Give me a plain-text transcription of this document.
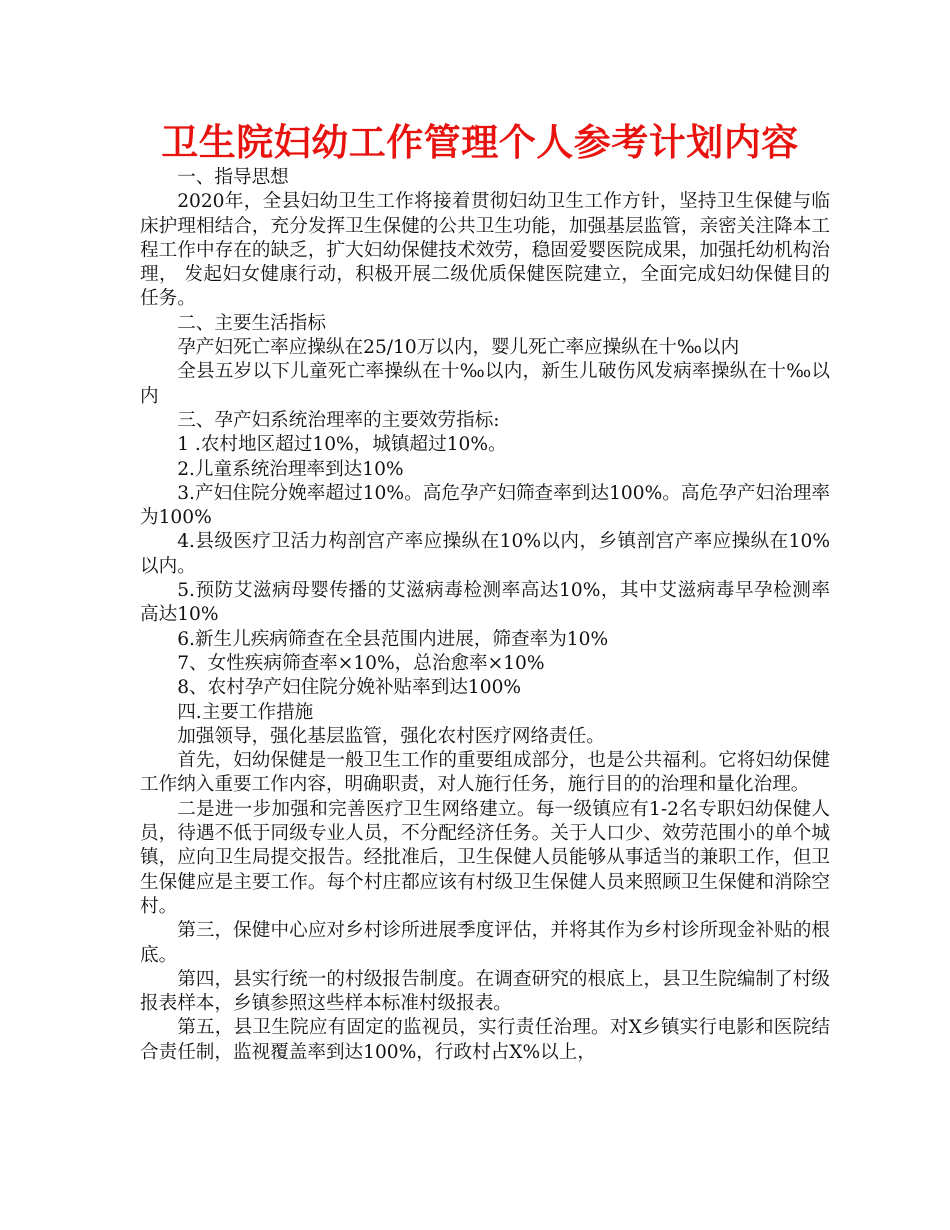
卫生院妇幼工作管理个人参考计划内容

一、指导思想

2020年，全县妇幼卫生工作将接着贯彻妇幼卫生工作方针，坚持卫生保健与临床护理相结合，充分发挥卫生保健的公共卫生功能，加强基层监管，亲密关注降本工程工作中存在的缺乏，扩大妇幼保健技术效劳，稳固爱婴医院成果，加强托幼机构治理， 发起妇女健康行动，积极开展二级优质保健医院建立，全面完成妇幼保健目的任务。

二、主要生活指标

孕产妇死亡率应操纵在25/10万以内，婴儿死亡率应操纵在十‰以内

全县五岁以下儿童死亡率操纵在十‰以内，新生儿破伤风发病率操纵在十‰以内

三、孕产妇系统治理率的主要效劳指标:

1 .农村地区超过10%，城镇超过10%。

2.儿童系统治理率到达10%

3.产妇住院分娩率超过10%。高危孕产妇筛查率到达100%。高危孕产妇治理率为100%

4.县级医疗卫活力构剖宫产率应操纵在10%以内，乡镇剖宫产率应操纵在10%以内。

5.预防艾滋病母婴传播的艾滋病毒检测率高达10%，其中艾滋病毒早孕检测率高达10%

6.新生儿疾病筛查在全县范围内进展，筛查率为10%

7、女性疾病筛查率×10%，总治愈率×10%

8、农村孕产妇住院分娩补贴率到达100%

四.主要工作措施

加强领导，强化基层监管，强化农村医疗网络责任。

首先，妇幼保健是一般卫生工作的重要组成部分，也是公共福利。它将妇幼保健工作纳入重要工作内容，明确职责，对人施行任务，施行目的的治理和量化治理。

二是进一步加强和完善医疗卫生网络建立。每一级镇应有1-2名专职妇幼保健人员，待遇不低于同级专业人员，不分配经济任务。关于人口少、效劳范围小的单个城镇，应向卫生局提交报告。经批准后，卫生保健人员能够从事适当的兼职工作，但卫生保健应是主要工作。每个村庄都应该有村级卫生保健人员来照顾卫生保健和消除空村。

第三，保健中心应对乡村诊所进展季度评估，并将其作为乡村诊所现金补贴的根底。

第四，县实行统一的村级报告制度。在调查研究的根底上，县卫生院编制了村级报表样本，乡镇参照这些样本标准村级报表。

第五，县卫生院应有固定的监视员，实行责任治理。对X乡镇实行电影和医院结合责任制，监视覆盖率到达100%，行政村占X%以上，
